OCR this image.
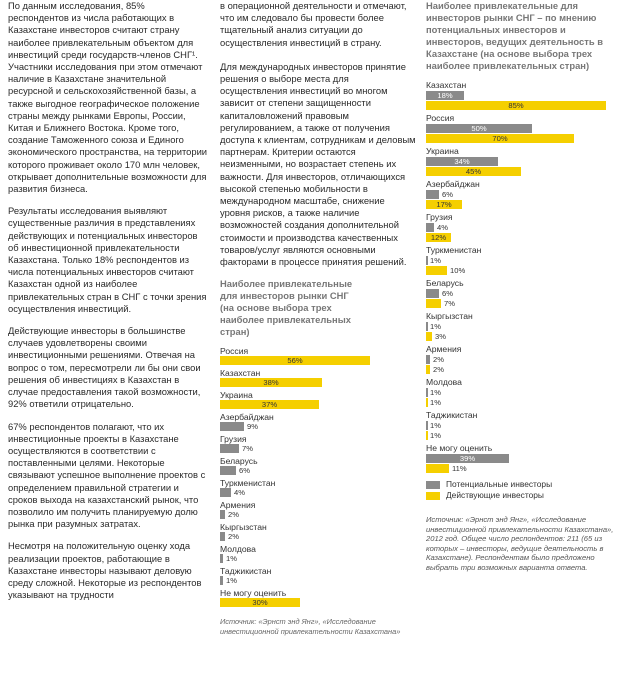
По данным исследования, 85% респондентов из числа работающих в Казахстане инвесторов считают страну наиболее привлекательным объектом для инвестиций среди государств-членов СНГ¹. Участники исследования при этом отмечают наличие в Казахстане значительной ресурсной и сельскохозяйственной базы, а также выгодное географическое положение страны между рынками Европы, России, Китая и Ближнего Востока. Кроме того, создание Таможенного союза и Единого экономического пространства, на территории которого проживает около 170 млн человек, открывает дополнительные возможности для развития бизнеса.

Результаты исследования выявляют существенные различия в представлениях действующих и потенциальных инвесторов об инвестиционной привлекательности Казахстана. Только 18% респондентов из числа потенциальных инвесторов считают Казахстан одной из наиболее привлекательных стран в СНГ с точки зрения осуществления инвестиций.

Действующие инвесторы в большинстве случаев удовлетворены своими инвестиционными решениями. Отвечая на вопрос о том, пересмотрели ли бы они свои решения об инвестициях в Казахстан в случае предоставления такой возможности, 92% ответили отрицательно.

67% респондентов полагают, что их инвестиционные проекты в Казахстане осуществляются в соответствии с поставленными целями. Некоторые связывают успешное выполнение проектов с определением правильной стратегии и сроков выхода на казахстанский рынок, что позволило им получить планируемую долю рынка при разумных затратах.

Несмотря на положительную оценку хода реализации проектов, работающие в Казахстане инвесторы называют деловую среду сложной. Некоторые из респондентов указывают на трудности

в операционной деятельности и отмечают, что им следовало бы провести более тщательный анализ ситуации до осуществления инвестиций в страну.

Для международных инвесторов принятие решения о выборе места для осуществления инвестиций во многом зависит от степени защищенности капиталовложений правовым регулированием, а также от получения доступа к клиентам, сотрудникам и деловым партнерам. Критерии остаются неизменными, но возрастает степень их важности. Для инвесторов, отличающихся высокой степенью мобильности в международном масштабе, снижение уровня рисков, а также наличие возможностей создания дополнительной стоимости и производства качественных товаров/услуг являются основными факторами в процессе принятия решений.

Наиболее привлекательные для инвесторов рынки СНГ
(на основе выбора трех наиболее привлекательных стран)
Россия
56%
Казахстан
38%
Украина
37%
Азербайджан
9%
Грузия
7%
Беларусь
6%
Туркменистан
4%
Армения
2%
Кыргызстан
2%
Молдова
1%
Таджикистан
1%
Не могу оценить
30%
Источник: «Эрнст энд Янг», «Исследование инвестиционной привлекательности Казахстана»
Наиболее привлекательные для инвесторов рынки СНГ – по мнению потенциальных инвесторов и инвесторов, ведущих деятельность в Казахстане (на основе выбора трех наиболее привлекательных стран)
Казахстан
18%
85%
Россия
50%
70%
Украина
34%
45%
Азербайджан
6%
17%
Грузия
4%
12%
Туркменистан
1%
10%
Беларусь
6%
7%
Кыргызстан
1%
3%
Армения
2%
2%
Молдова
1%
1%
Таджикистан
1%
1%
Не могу оценить
39%
11%
Потенциальные инвесторы
Действующие инвесторы
Источник: «Эрнст энд Янг», «Исследование инвестиционной привлекательности Казахстана», 2012 год. Общее число респондентов: 211 (65 из которых – инвесторы, ведущие деятельность в Казахстане). Респондентам было предложено выбрать три возможных варианта ответа.
